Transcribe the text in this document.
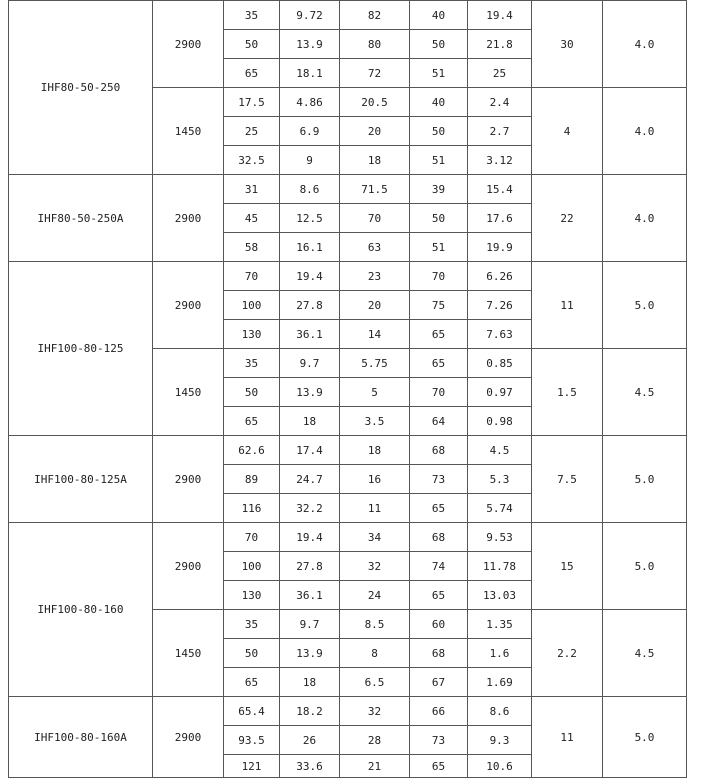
IHF80-50-250	2900	35	9.72	82	40	19.4	30	4.0
		50	13.9	80	50	21.8		
		65	18.1	72	51	25		
	1450	17.5	4.86	20.5	40	2.4	4	4.0
		25	6.9	20	50	2.7		
		32.5	9	18	51	3.12		
IHF80-50-250A	2900	31	8.6	71.5	39	15.4	22	4.0
		45	12.5	70	50	17.6		
		58	16.1	63	51	19.9		
IHF100-80-125	2900	70	19.4	23	70	6.26	11	5.0
		100	27.8	20	75	7.26		
		130	36.1	14	65	7.63		
	1450	35	9.7	5.75	65	0.85	1.5	4.5
		50	13.9	5	70	0.97		
		65	18	3.5	64	0.98		
IHF100-80-125A	2900	62.6	17.4	18	68	4.5	7.5	5.0
		89	24.7	16	73	5.3		
		116	32.2	11	65	5.74		
IHF100-80-160	2900	70	19.4	34	68	9.53	15	5.0
		100	27.8	32	74	11.78		
		130	36.1	24	65	13.03		
	1450	35	9.7	8.5	60	1.35	2.2	4.5
		50	13.9	8	68	1.6		
		65	18	6.5	67	1.69		
IHF100-80-160A	2900	65.4	18.2	32	66	8.6	11	5.0
		93.5	26	28	73	9.3		
		121	33.6	21	65	10.6		
